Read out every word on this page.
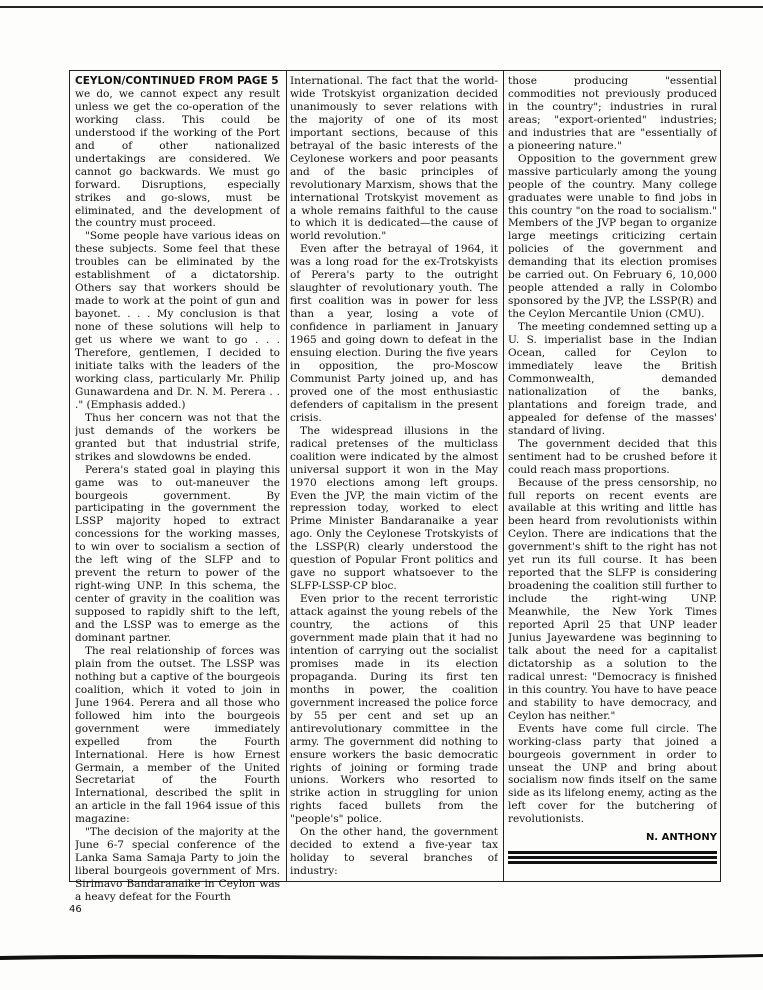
CEYLON/CONTINUED FROM PAGE 5

we do, we cannot expect any result unless we get the co-operation of the working class. This could be understood if the working of the Port and of other nationalized undertakings are considered. We cannot go backwards. We must go forward. Disruptions, especially strikes and go-slows, must be eliminated, and the development of the country must proceed.

"Some people have various ideas on these subjects. Some feel that these troubles can be eliminated by the establishment of a dictatorship. Others say that workers should be made to work at the point of gun and bayonet. . . . My conclusion is that none of these solutions will help to get us where we want to go . . . Therefore, gentlemen, I decided to initiate talks with the leaders of the working class, particularly Mr. Philip Gunawardena and Dr. N. M. Perera . . ." (Emphasis added.)

Thus her concern was not that the just demands of the workers be granted but that industrial strife, strikes and slowdowns be ended.

Perera's stated goal in playing this game was to out-maneuver the bourgeois government. By participating in the government the LSSP majority hoped to extract concessions for the working masses, to win over to socialism a section of the left wing of the SLFP and to prevent the return to power of the right-wing UNP. In this schema, the center of gravity in the coalition was supposed to rapidly shift to the left, and the LSSP was to emerge as the dominant partner.

The real relationship of forces was plain from the outset. The LSSP was nothing but a captive of the bourgeois coalition, which it voted to join in June 1964. Perera and all those who followed him into the bourgeois government were immediately expelled from the Fourth International. Here is how Ernest Germain, a member of the United Secretariat of the Fourth International, described the split in an article in the fall 1964 issue of this magazine:

"The decision of the majority at the June 6-7 special conference of the Lanka Sama Samaja Party to join the liberal bourgeois government of Mrs. Sirimavo Bandaranaike in Ceylon was a heavy defeat for the Fourth

International. The fact that the world-wide Trotskyist organization decided unanimously to sever relations with the majority of one of its most important sections, because of this betrayal of the basic interests of the Ceylonese workers and poor peasants and of the basic principles of revolutionary Marxism, shows that the international Trotskyist movement as a whole remains faithful to the cause to which it is dedicated—the cause of world revolution."

Even after the betrayal of 1964, it was a long road for the ex-Trotskyists of Perera's party to the outright slaughter of revolutionary youth. The first coalition was in power for less than a year, losing a vote of confidence in parliament in January 1965 and going down to defeat in the ensuing election. During the five years in opposition, the pro-Moscow Communist Party joined up, and has proved one of the most enthusiastic defenders of capitalism in the present crisis.

The widespread illusions in the radical pretenses of the multiclass coalition were indicated by the almost universal support it won in the May 1970 elections among left groups. Even the JVP, the main victim of the repression today, worked to elect Prime Minister Bandaranaike a year ago. Only the Ceylonese Trotskyists of the LSSP(R) clearly understood the question of Popular Front politics and gave no support whatsoever to the SLFP-LSSP-CP bloc.

Even prior to the recent terroristic attack against the young rebels of the country, the actions of this government made plain that it had no intention of carrying out the socialist promises made in its election propaganda. During its first ten months in power, the coalition government increased the police force by 55 per cent and set up an antirevolutionary committee in the army. The government did nothing to ensure workers the basic democratic rights of joining or forming trade unions. Workers who resorted to strike action in struggling for union rights faced bullets from the "people's" police.

On the other hand, the government decided to extend a five-year tax holiday to several branches of industry:

those producing "essential commodities not previously produced in the country"; industries in rural areas; "export-oriented" industries; and industries that are "essentially of a pioneering nature."

Opposition to the government grew massive particularly among the young people of the country. Many college graduates were unable to find jobs in this country "on the road to socialism." Members of the JVP began to organize large meetings criticizing certain policies of the government and demanding that its election promises be carried out. On February 6, 10,000 people attended a rally in Colombo sponsored by the JVP, the LSSP(R) and the Ceylon Mercantile Union (CMU).

The meeting condemned setting up a U. S. imperialist base in the Indian Ocean, called for Ceylon to immediately leave the British Commonwealth, demanded nationalization of the banks, plantations and foreign trade, and appealed for defense of the masses' standard of living.

The government decided that this sentiment had to be crushed before it could reach mass proportions.

Because of the press censorship, no full reports on recent events are available at this writing and little has been heard from revolutionists within Ceylon. There are indications that the government's shift to the right has not yet run its full course. It has been reported that the SLFP is considering broadening the coalition still further to include the right-wing UNP. Meanwhile, the New York Times reported April 25 that UNP leader Junius Jayewardene was beginning to talk about the need for a capitalist dictatorship as a solution to the radical unrest: "Democracy is finished in this country. You have to have peace and stability to have democracy, and Ceylon has neither."

Events have come full circle. The working-class party that joined a bourgeois government in order to unseat the UNP and bring about socialism now finds itself on the same side as its lifelong enemy, acting as the left cover for the butchering of revolutionists.

N. ANTHONY
46
